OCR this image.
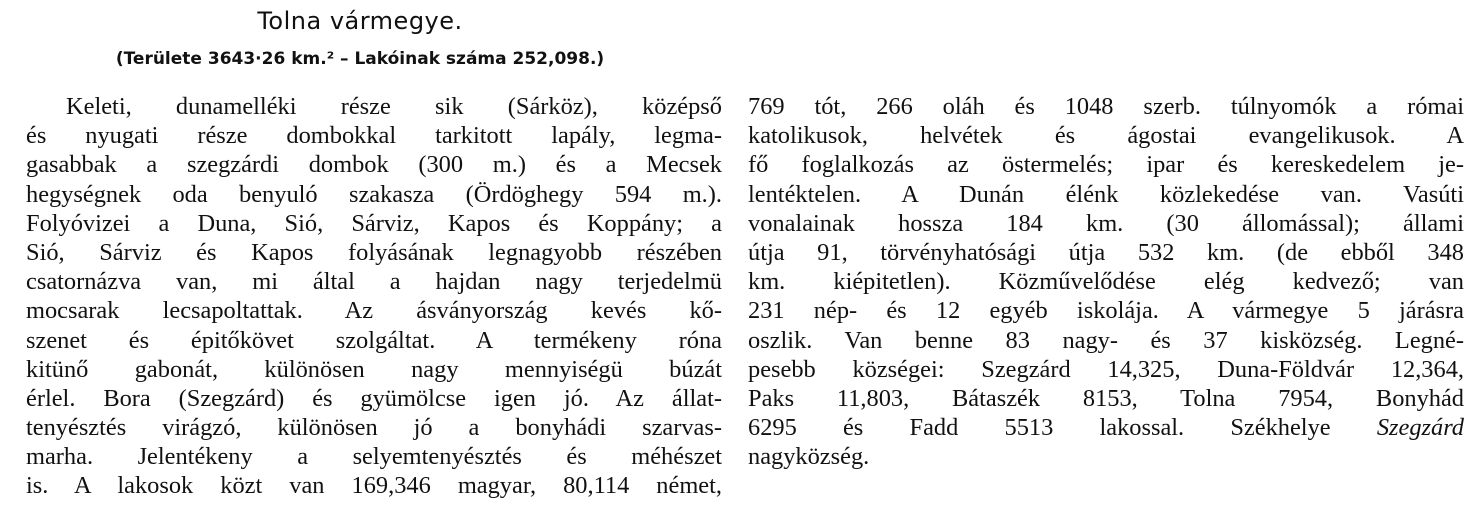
Tolna vármegye.

(Területe 3643·26 km.² – Lakóinak száma 252,098.)

Keleti, dunamelléki része sik (Sárköz), középső
és nyugati része dombokkal tarkitott lapály, legma-
gasabbak a szegzárdi dombok (300 m.) és a Mecsek
hegységnek oda benyuló szakasza (Ördöghegy 594 m.).
Folyóvizei a Duna, Sió, Sárviz, Kapos és Koppány; a
Sió, Sárviz és Kapos folyásának legnagyobb részében
csatornázva van, mi által a hajdan nagy terjedelmü
mocsarak lecsapoltattak. Az ásványország kevés kő-
szenet és épitőkövet szolgáltat. A termékeny róna
kitünő gabonát, különösen nagy mennyiségü búzát
érlel. Bora (Szegzárd) és gyümölcse igen jó. Az állat-
tenyésztés virágzó, különösen jó a bonyhádi szarvas-
marha. Jelentékeny a selyemtenyésztés és méhészet
is. A lakosok közt van 169,346 magyar, 80,114 német,
769 tót, 266 oláh és 1048 szerb. túlnyomók a római
katolikusok, helvétek és ágostai evangelikusok. A
fő foglalkozás az östermelés; ipar és kereskedelem je-
lentéktelen. A Dunán élénk közlekedése van. Vasúti
vonalainak hossza 184 km. (30 állomással); állami
útja 91, törvényhatósági útja 532 km. (de ebből 348
km. kiépitetlen). Közművelődése elég kedvező; van
231 nép- és 12 egyéb iskolája. A vármegye 5 járásra
oszlik. Van benne 83 nagy- és 37 kisközség. Legné-
pesebb községei: Szegzárd 14,325, Duna-Földvár 12,364,
Paks 11,803, Bátaszék 8153, Tolna 7954, Bonyhád
6295 és Fadd 5513 lakossal. Székhelye Szegzárd
nagyközség.
